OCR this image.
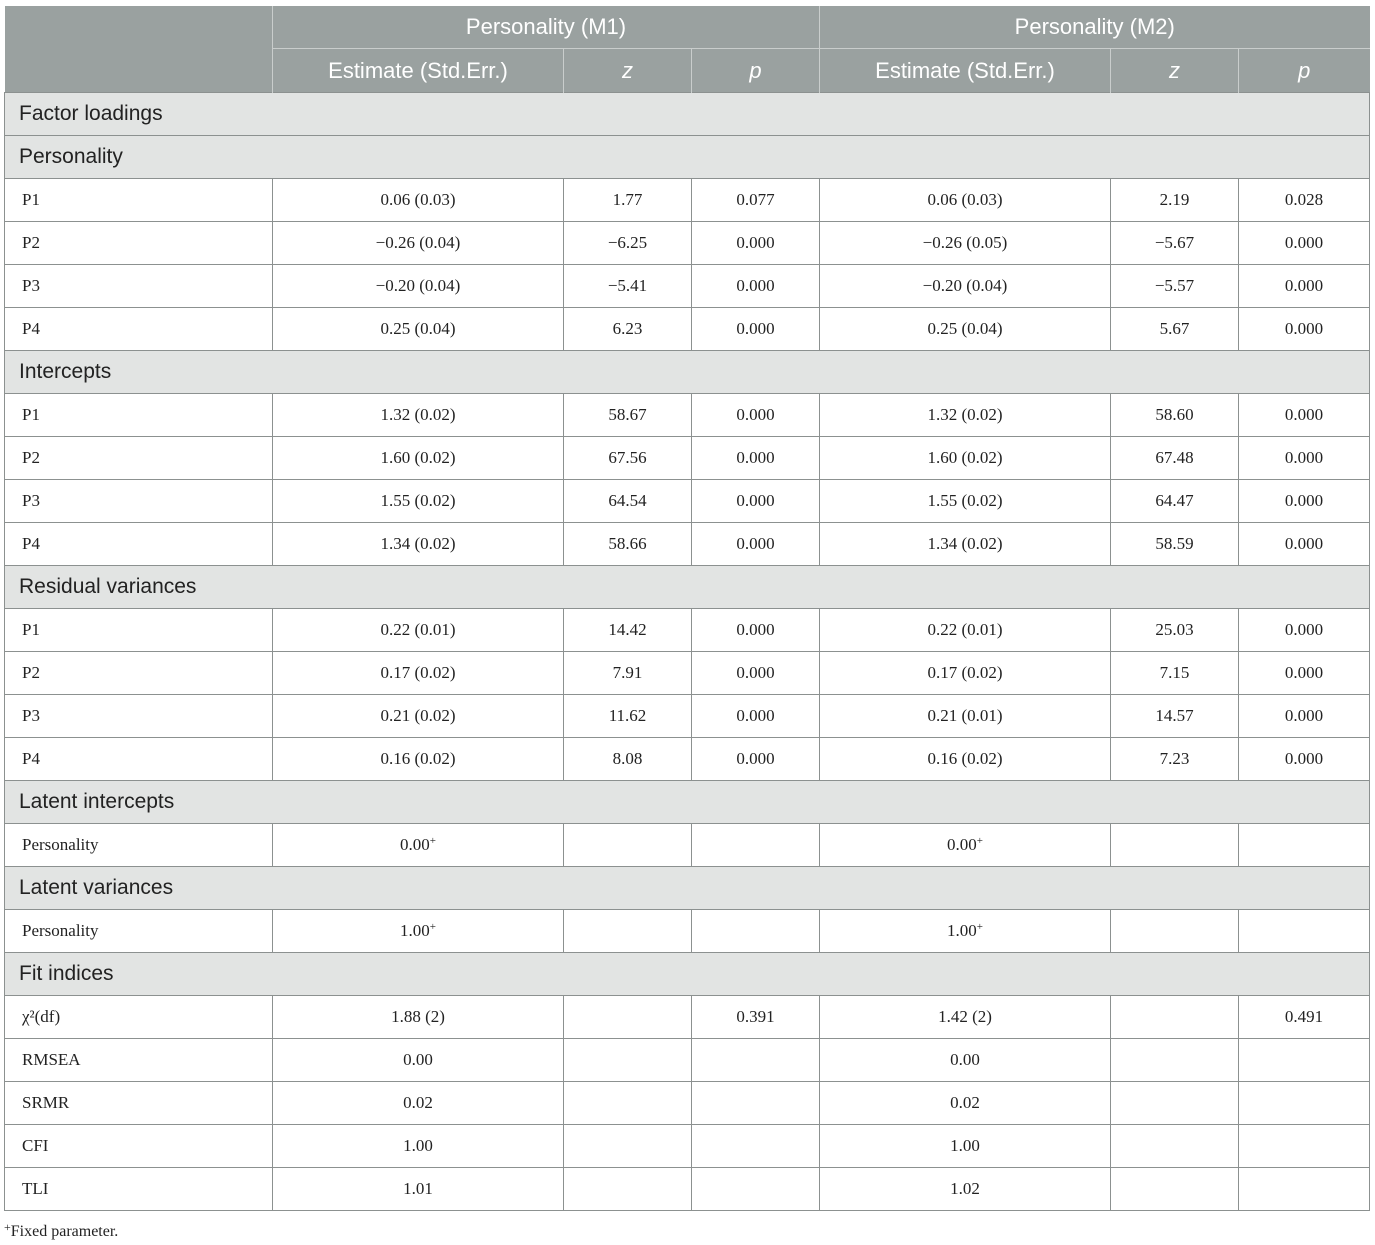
	Personality (M1)			Personality (M2)		
	Estimate (Std.Err.)	z	p	Estimate (Std.Err.)	z	p
Factor loadings						
Personality						
P1	0.06 (0.03)	1.77	0.077	0.06 (0.03)	2.19	0.028
P2	−0.26 (0.04)	−6.25	0.000	−0.26 (0.05)	−5.67	0.000
P3	−0.20 (0.04)	−5.41	0.000	−0.20 (0.04)	−5.57	0.000
P4	0.25 (0.04)	6.23	0.000	0.25 (0.04)	5.67	0.000
Intercepts						
P1	1.32 (0.02)	58.67	0.000	1.32 (0.02)	58.60	0.000
P2	1.60 (0.02)	67.56	0.000	1.60 (0.02)	67.48	0.000
P3	1.55 (0.02)	64.54	0.000	1.55 (0.02)	64.47	0.000
P4	1.34 (0.02)	58.66	0.000	1.34 (0.02)	58.59	0.000
Residual variances						
P1	0.22 (0.01)	14.42	0.000	0.22 (0.01)	25.03	0.000
P2	0.17 (0.02)	7.91	0.000	0.17 (0.02)	7.15	0.000
P3	0.21 (0.02)	11.62	0.000	0.21 (0.01)	14.57	0.000
P4	0.16 (0.02)	8.08	0.000	0.16 (0.02)	7.23	0.000
Latent intercepts						
Personality	0.00+			0.00+		
Latent variances						
Personality	1.00+			1.00+		
Fit indices						
χ²(df)	1.88 (2)		0.391	1.42 (2)		0.491
RMSEA	0.00			0.00		
SRMR	0.02			0.02		
CFI	1.00			1.00		
TLI	1.01			1.02		
+Fixed parameter.
